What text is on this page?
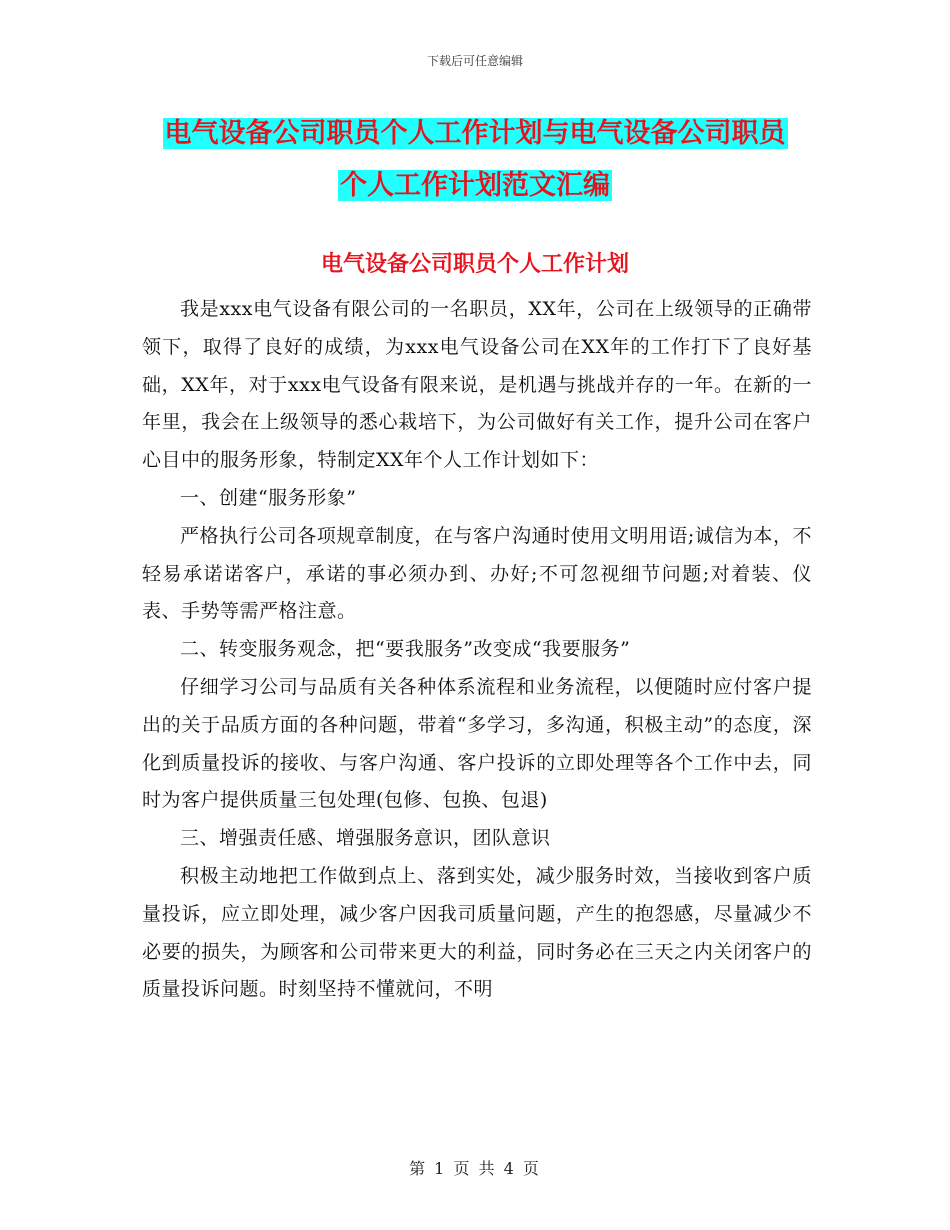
下载后可任意编辑
电气设备公司职员个人工作计划与电气设备公司职员
个人工作计划范文汇编
电气设备公司职员个人工作计划

我是xxx电气设备有限公司的一名职员，XX年，公司在上级领导的正确带领下，取得了良好的成绩，为xxx电气设备公司在XX年的工作打下了良好基础，XX年，对于xxx电气设备有限来说，是机遇与挑战并存的一年。在新的一年里，我会在上级领导的悉心栽培下，为公司做好有关工作，提升公司在客户心目中的服务形象，特制定XX年个人工作计划如下：

一、创建“服务形象”

严格执行公司各项规章制度，在与客户沟通时使用文明用语;诚信为本，不轻易承诺诺客户，承诺的事必须办到、办好;不可忽视细节问题;对着装、仪表、手势等需严格注意。

二、转变服务观念，把“要我服务”改变成“我要服务”

仔细学习公司与品质有关各种体系流程和业务流程，以便随时应付客户提出的关于品质方面的各种问题，带着“多学习，多沟通，积极主动”的态度，深化到质量投诉的接收、与客户沟通、客户投诉的立即处理等各个工作中去，同时为客户提供质量三包处理(包修、包换、包退)

三、增强责任感、增强服务意识，团队意识

积极主动地把工作做到点上、落到实处，减少服务时效，当接收到客户质量投诉，应立即处理，减少客户因我司质量问题，产生的抱怨感，尽量减少不必要的损失，为顾客和公司带来更大的利益，同时务必在三天之内关闭客户的质量投诉问题。时刻坚持不懂就问，不明

第 1 页 共 4 页
